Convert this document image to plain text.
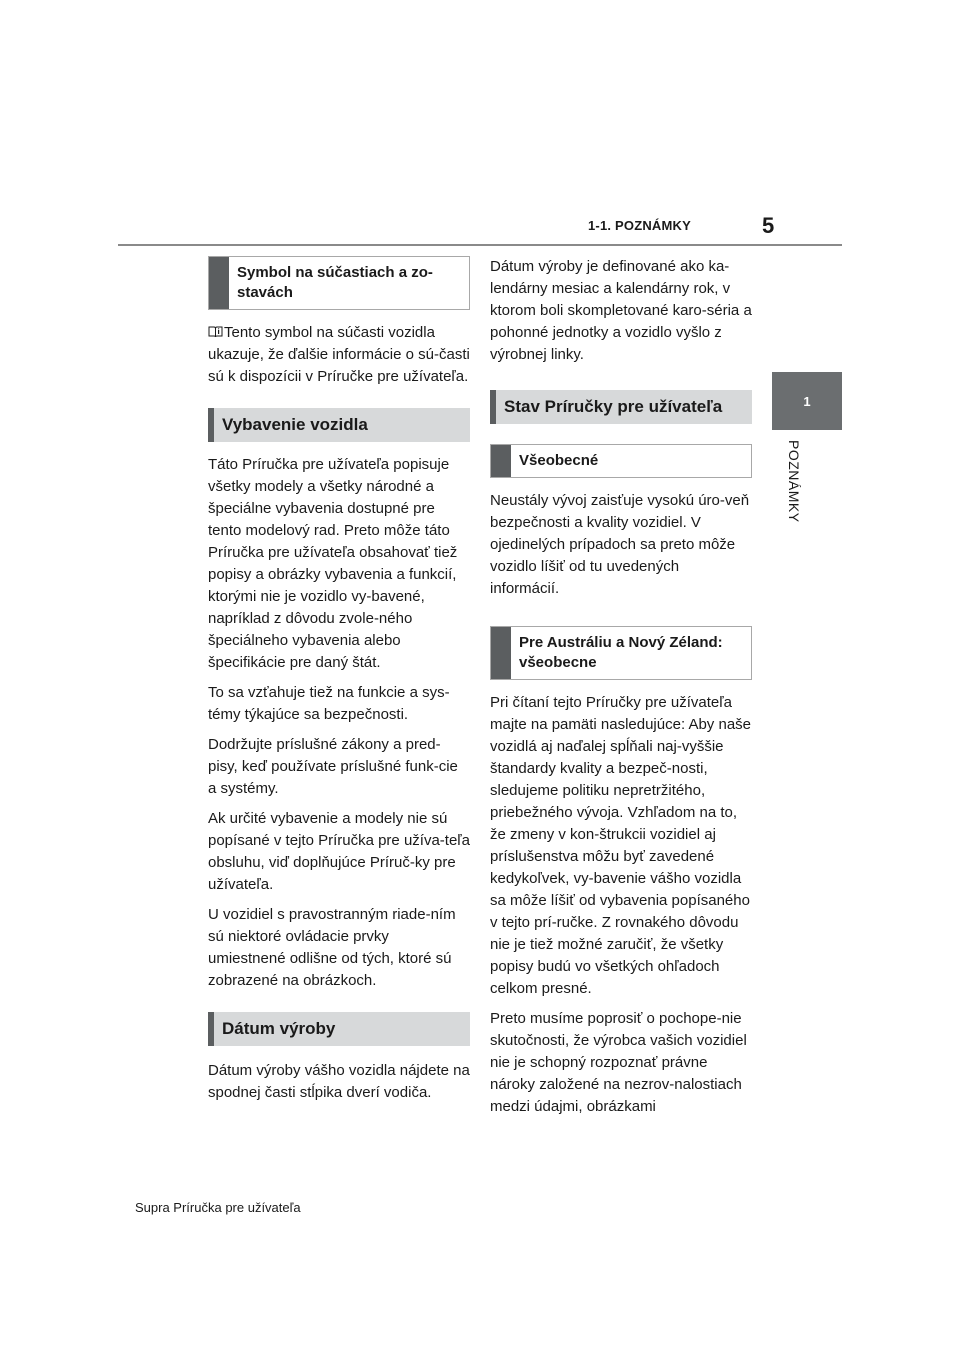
1-1. POZNÁMKY	5
1
POZNÁMKY
Symbol na súčastiach a zo-stavách

Tento symbol na súčasti vozidla ukazuje, že ďalšie informácie o sú-časti sú k dispozícii v Príručke pre užívateľa.

Vybavenie vozidla

Táto Príručka pre užívateľa popisuje všetky modely a všetky národné a špeciálne vybavenia dostupné pre tento modelový rad. Preto môže táto Príručka pre užívateľa obsahovať tiež popisy a obrázky vybavenia a funkcií, ktorými nie je vozidlo vy-bavené, napríklad z dôvodu zvole-ného špeciálneho vybavenia alebo špecifikácie pre daný štát.

To sa vzťahuje tiež na funkcie a sys-témy týkajúce sa bezpečnosti.

Dodržujte príslušné zákony a pred-pisy, keď používate príslušné funk-cie a systémy.

Ak určité vybavenie a modely nie sú popísané v tejto Príručka pre užíva-teľa obsluhu, viď doplňujúce Príruč-ky pre užívateľa.

U vozidiel s pravostranným riade-ním sú niektoré ovládacie prvky umiestnené odlišne od tých, ktoré sú zobrazené na obrázkoch.

Dátum výroby

Dátum výroby vášho vozidla nájdete na spodnej časti stĺpika dverí vodiča.

Dátum výroby je definované ako ka-lendárny mesiac a kalendárny rok, v ktorom boli skompletované karo-séria a pohonné jednotky a vozidlo vyšlo z výrobnej linky.

Stav Príručky pre užívateľa
Všeobecné

Neustály vývoj zaisťuje vysokú úro-veň bezpečnosti a kvality vozidiel. V ojedinelých prípadoch sa preto môže vozidlo líšiť od tu uvedených informácií.

Pre Austráliu a Nový Zéland: všeobecne

Pri čítaní tejto Príručky pre užívateľa majte na pamäti nasledujúce: Aby naše vozidlá aj naďalej spĺňali naj-vyššie štandardy kvality a bezpeč-nosti, sledujeme politiku nepretržitého, priebežného vývoja. Vzhľadom na to, že zmeny v kon-štrukcii vozidiel aj príslušenstva môžu byť zavedené kedykoľvek, vy-bavenie vášho vozidla sa môže líšiť od vybavenia popísaného v tejto prí-ručke. Z rovnakého dôvodu nie je tiež možné zaručiť, že všetky popisy budú vo všetkých ohľadoch celkom presné.

Preto musíme poprosiť o pochope-nie skutočnosti, že výrobca vašich vozidiel nie je schopný rozpoznať právne nároky založené na nezrov-nalostiach medzi údajmi, obrázkami

Supra Príručka pre užívateľa
